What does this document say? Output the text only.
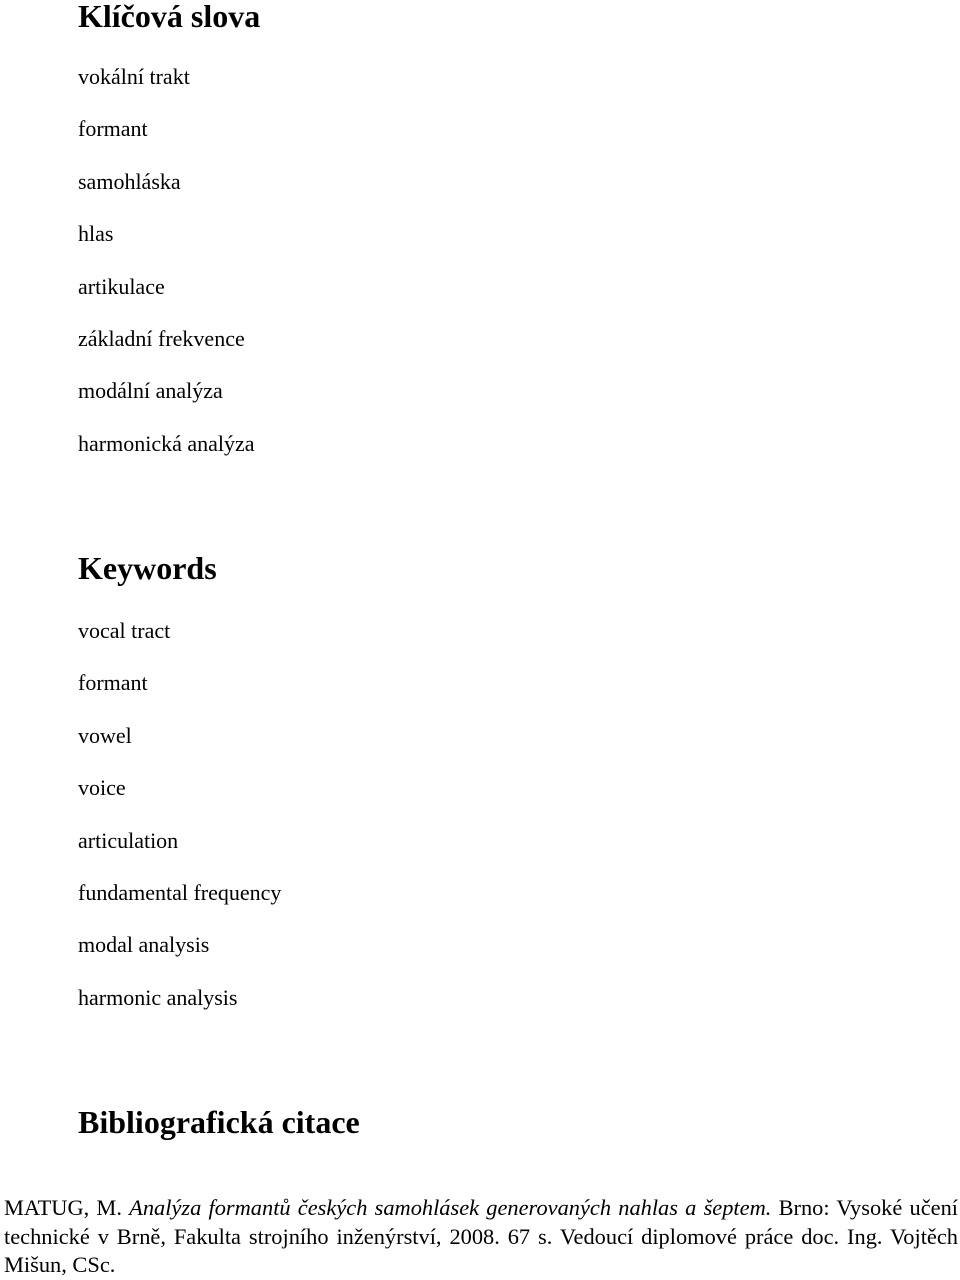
Klíčová slova
vokální trakt
formant
samohláska
hlas
artikulace
základní frekvence
modální analýza
harmonická analýza
Keywords
vocal tract
formant
vowel
voice
articulation
fundamental frequency
modal analysis
harmonic analysis
Bibliografická citace

MATUG, M. Analýza formantů českých samohlásek generovaných nahlas a šeptem. Brno: Vysoké učení technické v Brně, Fakulta strojního inženýrství, 2008. 67 s. Vedoucí diplomové práce doc. Ing. Vojtěch Mišun, CSc.
